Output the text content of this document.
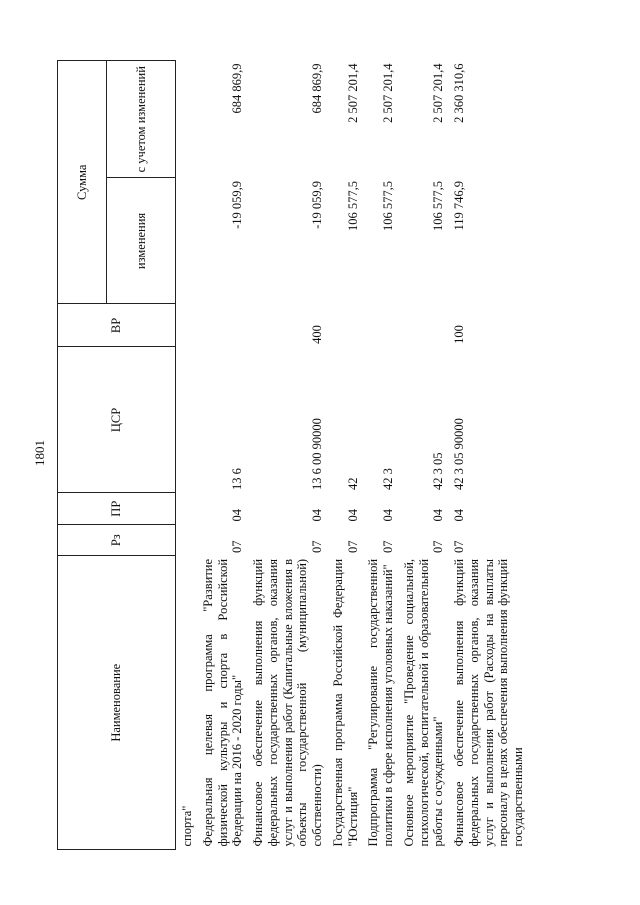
1801
Наименование	Рз	ПР	ЦСР	ВР	Сумма	
					изменения	с учетом изменений
спорта"						
Федеральная целевая программа "Развитие физической культуры и спорта в Российской Федерации на 2016 - 2020 годы"	07	04	13 6		-19 059,9	684 869,9
Финансовое обеспечение выполнения функций федеральных государственных органов, оказания услуг и выполнения работ (Капитальные вложения в объекты государственной (муниципальной) собственности)	07	04	13 6 00 90000	400	-19 059,9	684 869,9
Государственная программа Российской Федерации "Юстиция"	07	04	42		106 577,5	2 507 201,4
Подпрограмма "Регулирование государственной политики в сфере исполнения уголовных наказаний"	07	04	42 3		106 577,5	2 507 201,4
Основное мероприятие "Проведение социальной, психологической, воспитательной и образовательной работы с осужденными"	07	04	42 3 05		106 577,5	2 507 201,4
Финансовое обеспечение выполнения функций федеральных государственных органов, оказания услуг и выполнения работ (Расходы на выплаты персоналу в целях обеспечения выполнения функций государственными	07	04	42 3 05 90000	100	119 746,9	2 360 310,6
